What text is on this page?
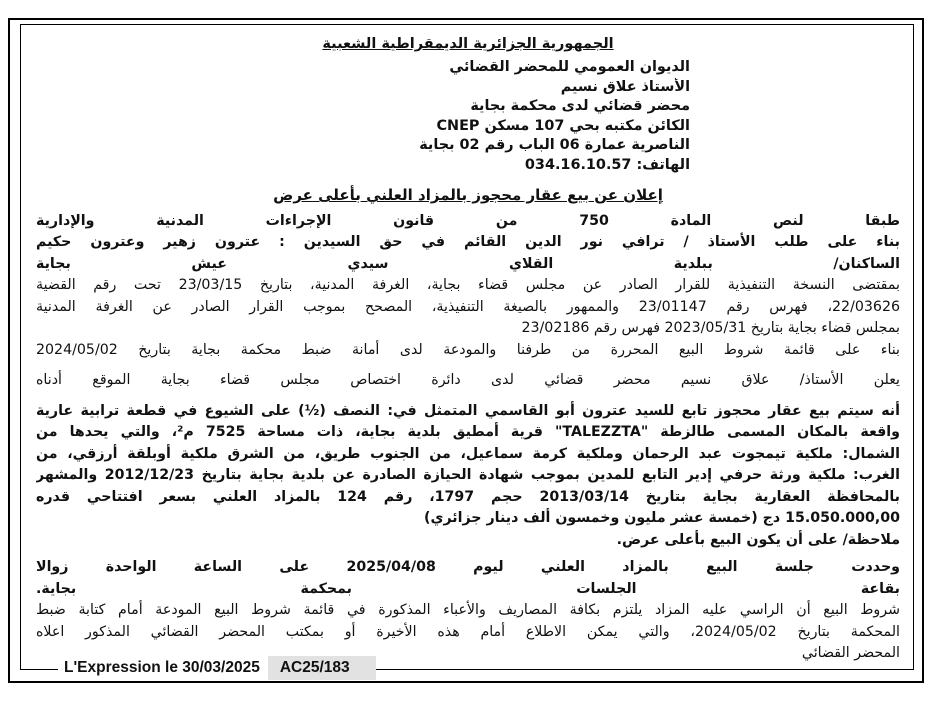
الجمهورية الجزائرية الديمقراطية الشعبية
الديوان العمومي للمحضر القضائي
الأستاذ علاق نسيم
محضر قضائي لدى محكمة بجاية
الكائن مكتبه بحي 107 مسكن CNEP
الناصرية عمارة 06 الباب رقم 02 بجاية
الهاتف: 034.16.10.57
إعلان عن بيع عقار محجوز بالمزاد العلني بأعلى عرض
طبقا لنص المادة 750 من قانون الإجراءات المدنية والإدارية
بناء على طلب الأستاذ / ترافي نور الدين القائم في حق السيدين : عترون زهير وعترون حكيم
الساكنان/ ببلدية القلاي سيدي عيش بجاية
بمقتضى النسخة التنفيذية للقرار الصادر عن مجلس قضاء بجاية، الغرفة المدنية، بتاريخ 23/03/15 تحت رقم القضية
22/03626، فهرس رقم 23/01147 والممهور بالصيغة التنفيذية، المصحح بموجب القرار الصادر عن الغرفة المدنية
بمجلس قضاء بجاية بتاريخ 2023/05/31 فهرس رقم 23/02186
بناء على قائمة شروط البيع المحررة من طرفنا والمودعة لدى أمانة ضبط محكمة بجاية بتاريخ 2024/05/02
يعلن الأستاذ/ علاق نسيم محضر قضائي لدى دائرة اختصاص مجلس قضاء بجاية الموقع أدناه
أنه سيتم بيع عقار محجوز تابع للسيد عترون أبو القاسمي المتمثل في: النصف (½) على الشيوع في قطعة ترابية عارية
واقعة بالمكان المسمى طالزطة "TALEZZTA" قرية أمطيق بلدية بجاية، ذات مساحة 7525 م²، والتي يحدها من
الشمال: ملكية تيمجوت عبد الرحمان وملكية كرمة سماعيل، من الجنوب طريق، من الشرق ملكية أوبلقة أرزقي، من
الغرب: ملكية ورثة حرفي إدير التابع للمدين بموجب شهادة الحيازة الصادرة عن بلدية بجاية بتاريخ 2012/12/23 والمشهر
بالمحافظة العقارية بجاية بتاريخ 2013/03/14 حجم 1797، رقم 124 بالمزاد العلني بسعر افتتاحي قدره
15.050.000,00 دج (خمسة عشر مليون وخمسون ألف دينار جزائري)
ملاحظة/ على أن يكون البيع بأعلى عرض.
وحددت جلسة البيع بالمزاد العلني ليوم 2025/04/08 على الساعة الواحدة زوالا
بقاعة الجلسات بمحكمة بجاية.
شروط البيع أن الراسي عليه المزاد يلتزم بكافة المصاريف والأعباء المذكورة في قائمة شروط البيع المودعة أمام كتابة ضبط
المحكمة بتاريخ 2024/05/02، والتي يمكن الاطلاع أمام هذه الأخيرة أو بمكتب المحضر القضائي المذكور اعلاه
المحضر القضائي
L'Expression le 30/03/2025	AC25/183
